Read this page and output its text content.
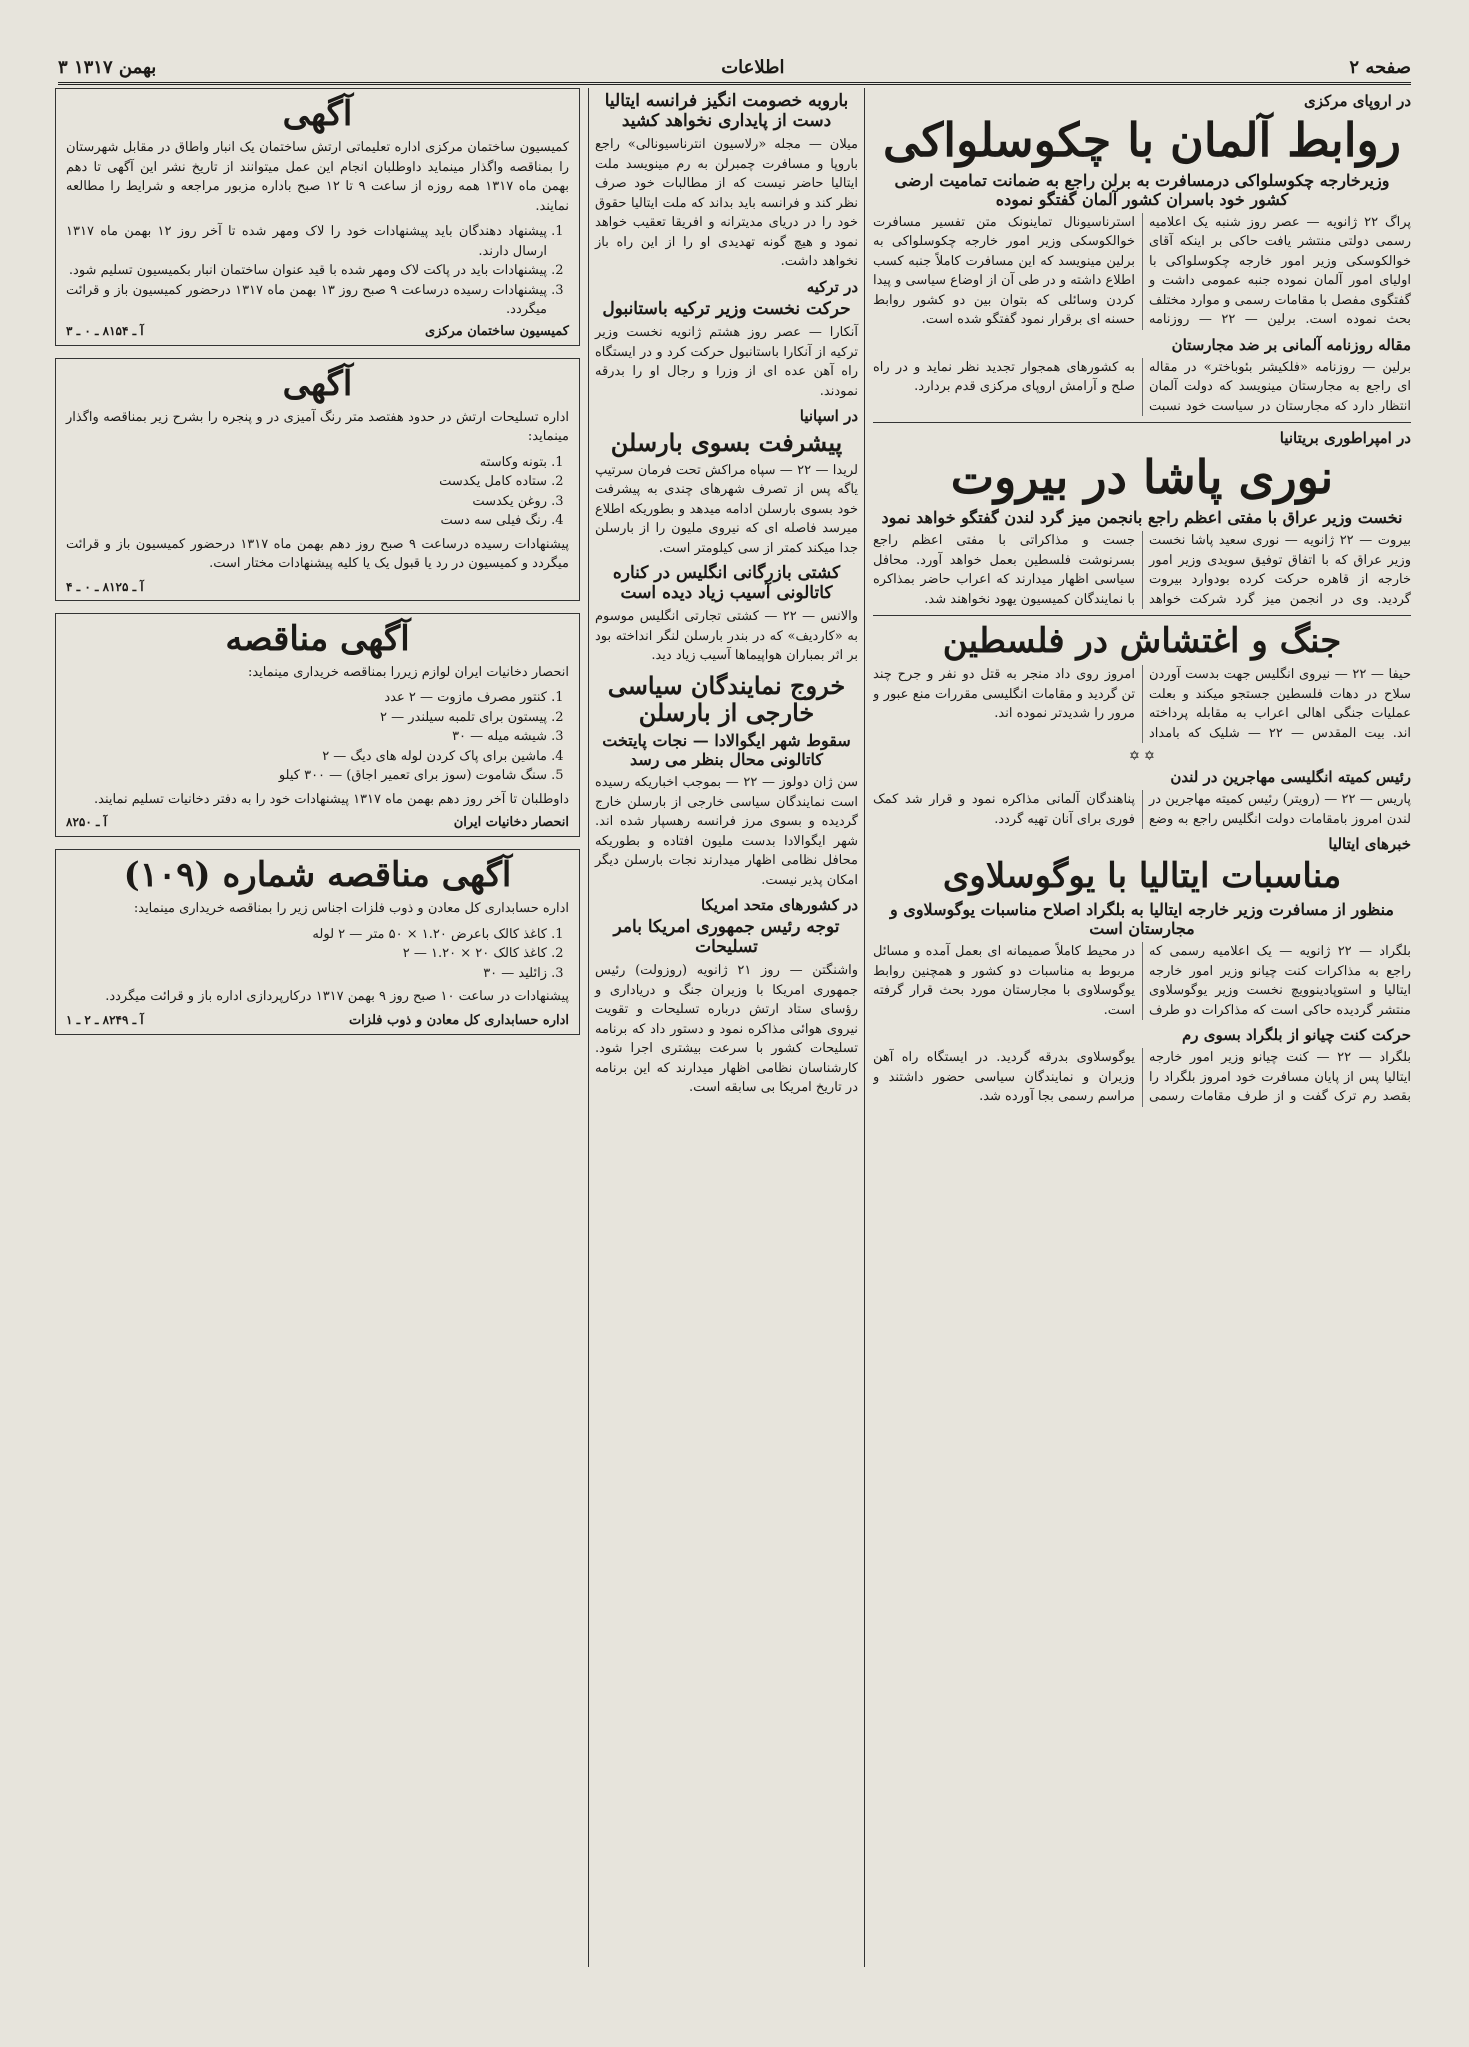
۳ بهمن ۱۳۱۷	اطلاعات	صفحه ۲
در اروپای مرکزی
روابط آلمان با چکوسلواکی
وزیرخارجه چکوسلواکی درمسافرت به برلن راجع به ضمانت تمامیت ارضی کشور خود باسران کشور آلمان گفتگو نموده
پراگ ۲۲ ژانویه — عصر روز شنبه یک اعلامیه رسمی دولتی منتشر یافت حاکی بر اینکه آقای خوالکوسکی وزیر امور خارجه چکوسلواکی با اولیای امور آلمان نموده جنبه عمومی داشت و گفتگوی مفصل با مقامات رسمی و موارد مختلف بحث نموده است. برلین — ۲۲ — روزنامه استرناسیونال تماینونک متن تفسیر مسافرت خوالکوسکی وزیر امور خارجه چکوسلواکی به برلین مینویسد که این مسافرت کاملاً جنبه کسب اطلاع داشته و در طی آن از اوضاع سیاسی و پیدا کردن وسائلی که بتوان بین دو کشور روابط حسنه ای برقرار نمود گفتگو شده است.
مقاله روزنامه آلمانی بر ضد مجارستان
برلین — روزنامه «فلکیشر بئوباختر» در مقاله ای راجع به مجارستان مینویسد که دولت آلمان انتظار دارد که مجارستان در سیاست خود نسبت به کشورهای همجوار تجدید نظر نماید و در راه صلح و آرامش اروپای مرکزی قدم بردارد.
در امپراطوری بریتانیا
نوری پاشا در بیروت
نخست وزیر عراق با مفتی اعظم راجع بانجمن میز گرد لندن گفتگو خواهد نمود
بیروت — ۲۲ ژانویه — نوری سعید پاشا نخست وزیر عراق که با اتفاق توفیق سویدی وزیر امور خارجه از قاهره حرکت کرده بودوارد بیروت گردید. وی در انجمن میز گرد شرکت خواهد جست و مذاکراتی با مفتی اعظم راجع بسرنوشت فلسطین بعمل خواهد آورد. محافل سیاسی اظهار میدارند که اعراب حاضر بمذاکره با نمایندگان کمیسیون یهود نخواهند شد.
جنگ و اغتشاش در فلسطین
حیفا — ۲۲ — نیروی انگلیس جهت بدست آوردن سلاح در دهات فلسطین جستجو میکند و بعلت عملیات جنگی اهالی اعراب به مقابله پرداخته اند. بیت المقدس — ۲۲ — شلیک که بامداد امروز روی داد منجر به قتل دو نفر و جرح چند تن گردید و مقامات انگلیسی مقررات منع عبور و مرور را شدیدتر نموده اند.
✡ ✡
رئیس کمیته انگلیسی مهاجرین در لندن
پاریس — ۲۲ — (رویتر) رئیس کمیته مهاجرین در لندن امروز بامقامات دولت انگلیس راجع به وضع پناهندگان آلمانی مذاکره نمود و قرار شد کمک فوری برای آنان تهیه گردد.
خبرهای ایتالیا
مناسبات ایتالیا با یوگوسلاوی
منظور از مسافرت وزیر خارجه ایتالیا به بلگراد اصلاح مناسبات یوگوسلاوی و مجارستان است
بلگراد — ۲۲ ژانویه — یک اعلامیه رسمی که راجع به مذاکرات کنت چیانو وزیر امور خارجه ایتالیا و استوپادینوویچ نخست وزیر یوگوسلاوی منتشر گردیده حاکی است که مذاکرات دو طرف در محیط کاملاً صمیمانه ای بعمل آمده و مسائل مربوط به مناسبات دو کشور و همچنین روابط یوگوسلاوی با مجارستان مورد بحث قرار گرفته است.
حرکت کنت چیانو از بلگراد بسوی رم
بلگراد — ۲۲ — کنت چیانو وزیر امور خارجه ایتالیا پس از پایان مسافرت خود امروز بلگراد را بقصد رم ترک گفت و از طرف مقامات رسمی یوگوسلاوی بدرقه گردید. در ایستگاه راه آهن وزیران و نمایندگان سیاسی حضور داشتند و مراسم رسمی بجا آورده شد.
باروبه خصومت انگیز فرانسه ایتالیا دست از پایداری نخواهد کشید
میلان — مجله «رلاسیون انترناسیونالی» راجع باروپا و مسافرت چمبرلن به رم مینویسد ملت ایتالیا حاضر نیست که از مطالبات خود صرف نظر کند و فرانسه باید بداند که ملت ایتالیا حقوق خود را در دریای مدیترانه و افریقا تعقیب خواهد نمود و هیچ گونه تهدیدی او را از این راه باز نخواهد داشت.
در ترکیه
حرکت نخست وزیر ترکیه باستانبول
آنکارا — عصر روز هشتم ژانویه نخست وزیر ترکیه از آنکارا باستانبول حرکت کرد و در ایستگاه راه آهن عده ای از وزرا و رجال او را بدرقه نمودند.
در اسپانیا
پیشرفت بسوی بارسلن
لریدا — ۲۲ — سپاه مراکش تحت فرمان سرتیپ یاگه پس از تصرف شهرهای چندی به پیشرفت خود بسوی بارسلن ادامه میدهد و بطوریکه اطلاع میرسد فاصله ای که نیروی ملیون را از بارسلن جدا میکند کمتر از سی کیلومتر است.
کشتی بازرگانی انگلیس در کناره کاتالونی آسیب زیاد دیده است
والانس — ۲۲ — کشتی تجارتی انگلیس موسوم به «کاردیف» که در بندر بارسلن لنگر انداخته بود بر اثر بمباران هواپیماها آسیب زیاد دید.
خروج نمایندگان سیاسی خارجی از بارسلن
سقوط شهر ایگوالادا — نجات پایتخت کاتالونی محال بنظر می رسد
سن ژان دولوز — ۲۲ — بموجب اخباریکه رسیده است نمایندگان سیاسی خارجی از بارسلن خارج گردیده و بسوی مرز فرانسه رهسپار شده اند. شهر ایگوالادا بدست ملیون افتاده و بطوریکه محافل نظامی اظهار میدارند نجات بارسلن دیگر امکان پذیر نیست.
در کشورهای متحد امریکا
توجه رئیس جمهوری امریکا بامر تسلیحات
واشنگتن — روز ۲۱ ژانویه (روزولت) رئیس جمهوری امریکا با وزیران جنگ و دریاداری و رؤسای ستاد ارتش درباره تسلیحات و تقویت نیروی هوائی مذاکره نمود و دستور داد که برنامه تسلیحات کشور با سرعت بیشتری اجرا شود. کارشناسان نظامی اظهار میدارند که این برنامه در تاریخ امریکا بی سابقه است.
آگهی
کمیسیون ساختمان مرکزی اداره تعلیماتی ارتش ساختمان یک انبار واطاق در مقابل شهرستان را بمناقصه واگذار مینماید داوطلبان انجام این عمل میتوانند از تاریخ نشر این آگهی تا دهم بهمن ماه ۱۳۱۷ همه روزه از ساعت ۹ تا ۱۲ صبح باداره مزبور مراجعه و شرایط را مطالعه نمایند.
1. پیشنهاد دهندگان باید پیشنهادات خود را لاک ومهر شده تا آخر روز ۱۲ بهمن ماه ۱۳۱۷ ارسال دارند.
2. پیشنهادات باید در پاکت لاک ومهر شده با قید عنوان ساختمان انبار بکمیسیون تسلیم شود.
3. پیشنهادات رسیده درساعت ۹ صبح روز ۱۳ بهمن ماه ۱۳۱۷ درحضور کمیسیون باز و قرائت میگردد.
کمیسیون ساختمان مرکزی
آ ـ ۸۱۵۴ ـ ۰ ـ ۳
آگهی
اداره تسلیحات ارتش در حدود هفتصد متر رنگ آمیزی در و پنجره را بشرح زیر بمناقصه واگذار مینماید:
1. بتونه وکاسته
2. ستاده کامل یکدست
3. روغن یکدست
4. رنگ فیلی سه دست
پیشنهادات رسیده درساعت ۹ صبح روز دهم بهمن ماه ۱۳۱۷ درحضور کمیسیون باز و قرائت میگردد و کمیسیون در رد یا قبول یک یا کلیه پیشنهادات مختار است.
آ ـ ۸۱۲۵ ـ ۰ ـ ۴
آگهی مناقصه
انحصار دخانیات ایران لوازم زیررا بمناقصه خریداری مینماید:
1. کنتور مصرف مازوت — ۲ عدد
2. پیستون برای تلمبه سیلندر — ۲
3. شیشه میله — ۳۰
4. ماشین برای پاک کردن لوله های دیگ — ۲
5. سنگ شاموت (سوز برای تعمیر اجاق) — ۳۰۰ کیلو
داوطلبان تا آخر روز دهم بهمن ماه ۱۳۱۷ پیشنهادات خود را به دفتر دخانیات تسلیم نمایند.
انحصار دخانیات ایران
آ ـ ۸۲۵۰
آگهی مناقصه شماره (۱۰۹)
اداره حسابداری کل معادن و ذوب فلزات اجناس زیر را بمناقصه خریداری مینماید:
1. کاغذ کالک باعرض ۱.۲۰ × ۵۰ متر — ۲ لوله
2. کاغذ کالک ۲۰ × ۱.۲۰ — ۲
3. زائلید — ۳۰
پیشنهادات در ساعت ۱۰ صبح روز ۹ بهمن ۱۳۱۷ درکارپردازی اداره باز و قرائت میگردد.
اداره حسابداری کل معادن و ذوب فلزات
آ ـ ۸۲۴۹ ـ ۲ ـ ۱
